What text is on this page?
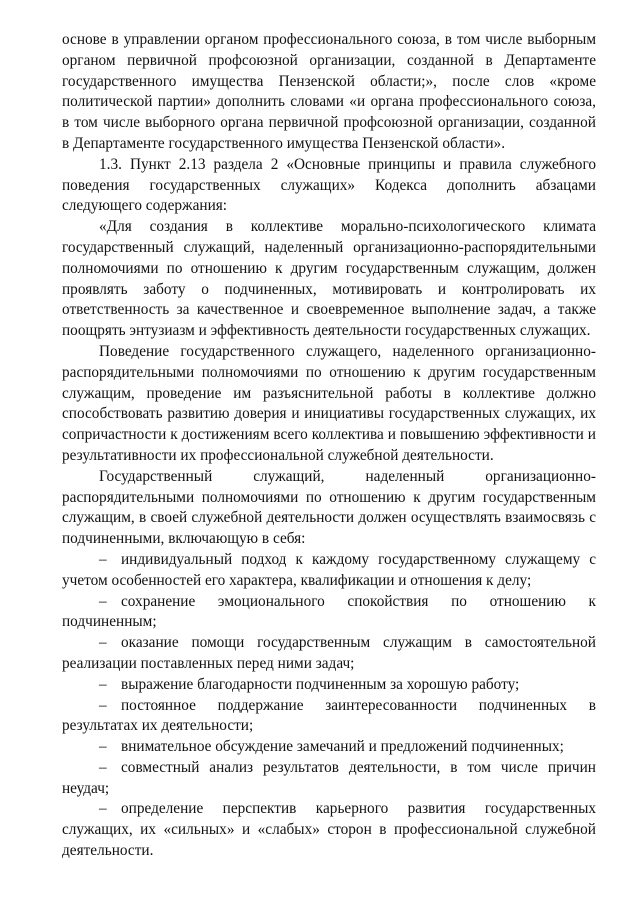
основе в управлении органом профессионального союза, в том числе выборным органом первичной профсоюзной организации, созданной в Департаменте государственного имущества Пензенской области;», после слов «кроме политической партии» дополнить словами «и органа профессионального союза, в том числе выборного органа первичной профсоюзной организации, созданной в Департаменте государственного имущества Пензенской области».

1.3. Пункт 2.13 раздела 2 «Основные принципы и правила служебного поведения государственных служащих» Кодекса дополнить абзацами следующего содержания:

«Для создания в коллективе морально-психологического климата государственный служащий, наделенный организационно-распорядительными полномочиями по отношению к другим государственным служащим, должен проявлять заботу о подчиненных, мотивировать и контролировать их ответственность за качественное и своевременное выполнение задач, а также поощрять энтузиазм и эффективность деятельности государственных служащих.

Поведение государственного служащего, наделенного организационно-распорядительными полномочиями по отношению к другим государственным служащим, проведение им разъяснительной работы в коллективе должно способствовать развитию доверия и инициативы государственных служащих, их сопричастности к достижениям всего коллектива и повышению эффективности и результативности их профессиональной служебной деятельности.

Государственный служащий, наделенный организационно-распорядительными полномочиями по отношению к другим государственным служащим, в своей служебной деятельности должен осуществлять взаимосвязь с подчиненными, включающую в себя:

– индивидуальный подход к каждому государственному служащему с учетом особенностей его характера, квалификации и отношения к делу;

– сохранение эмоционального спокойствия по отношению к подчиненным;

– оказание помощи государственным служащим в самостоятельной реализации поставленных перед ними задач;

– выражение благодарности подчиненным за хорошую работу;

– постоянное поддержание заинтересованности подчиненных в результатах их деятельности;

– внимательное обсуждение замечаний и предложений подчиненных;

– совместный анализ результатов деятельности, в том числе причин неудач;

– определение перспектив карьерного развития государственных служащих, их «сильных» и «слабых» сторон в профессиональной служебной деятельности.
